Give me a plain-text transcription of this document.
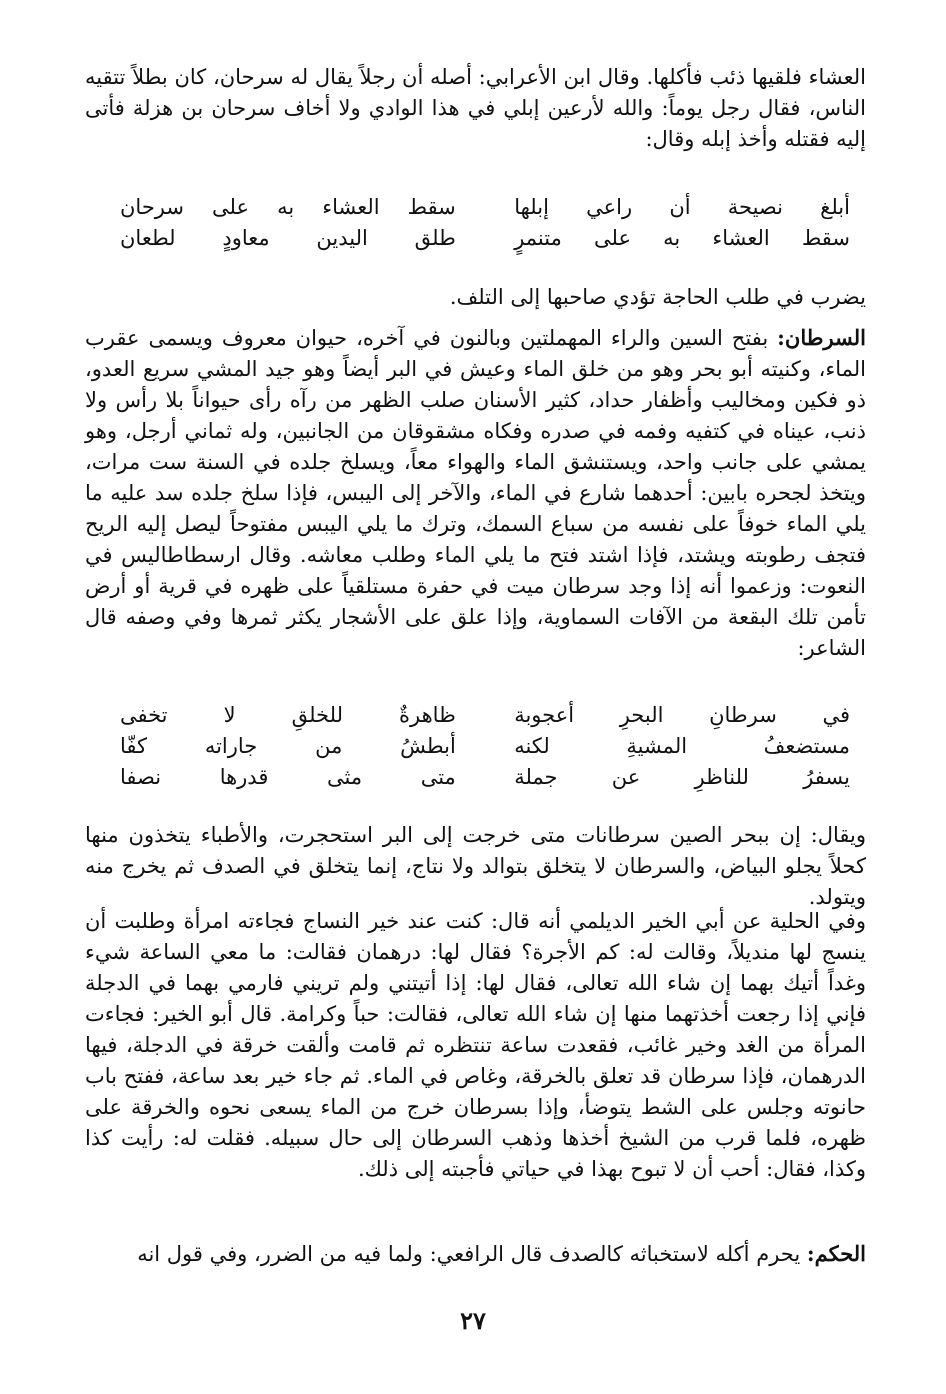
العشاء فلقيها ذئب فأكلها. وقال ابن الأعرابي: أصله أن رجلاً يقال له سرحان، كان بطلاً تتقيه الناس، فقال رجل يوماً: والله لأرعين إبلي في هذا الوادي ولا أخاف سرحان بن هزلة فأتى إليه فقتله وأخذ إبله وقال:
أبلغ نصيحة أن راعي إبلها
سقط العشاء به على سرحان
سقط العشاء به على متنمرٍ
طلق اليدين معاودٍ لطعان
يضرب في طلب الحاجة تؤدي صاحبها إلى التلف.
السرطان: بفتح السين والراء المهملتين وبالنون في آخره، حيوان معروف ويسمى عقرب الماء، وكنيته أبو بحر وهو من خلق الماء وعيش في البر أيضاً وهو جيد المشي سريع العدو، ذو فكين ومخاليب وأظفار حداد، كثير الأسنان صلب الظهر من رآه رأى حيواناً بلا رأس ولا ذنب، عيناه في كتفيه وفمه في صدره وفكاه مشقوقان من الجانبين، وله ثماني أرجل، وهو يمشي على جانب واحد، ويستنشق الماء والهواء معاً، ويسلخ جلده في السنة ست مرات، ويتخذ لجحره بابين: أحدهما شارع في الماء، والآخر إلى اليبس، فإذا سلخ جلده سد عليه ما يلي الماء خوفاً على نفسه من سباع السمك، وترك ما يلي اليبس مفتوحاً ليصل إليه الريح فتجف رطوبته ويشتد، فإذا اشتد فتح ما يلي الماء وطلب معاشه. وقال ارسطاطاليس في النعوت: وزعموا أنه إذا وجد سرطان ميت في حفرة مستلقياً على ظهره في قرية أو أرض تأمن تلك البقعة من الآفات السماوية، وإذا علق على الأشجار يكثر ثمرها وفي وصفه قال الشاعر:
في سرطانِ البحرِ أعجوبة
ظاهرةٌ للخلقِ لا تخفى
مستضعفُ المشيةِ لكنه
أبطشُ من جاراته كفّا
يسفرُ للناظرِ عن جملة
متى مثى قدرها نصفا
ويقال: إن ببحر الصين سرطانات متى خرجت إلى البر استحجرت، والأطباء يتخذون منها كحلاً يجلو البياض، والسرطان لا يتخلق بتوالد ولا نتاج، إنما يتخلق في الصدف ثم يخرج منه ويتولد.
وفي الحلية عن أبي الخير الديلمي أنه قال: كنت عند خير النساج فجاءته امرأة وطلبت أن ينسج لها منديلاً، وقالت له: كم الأجرة؟ فقال لها: درهمان فقالت: ما معي الساعة شيء وغداً أتيك بهما إن شاء الله تعالى، فقال لها: إذا أتيتني ولم تريني فارمي بهما في الدجلة فإني إذا رجعت أخذتهما منها إن شاء الله تعالى، فقالت: حباً وكرامة. قال أبو الخير: فجاءت المرأة من الغد وخير غائب، فقعدت ساعة تنتظره ثم قامت وألقت خرقة في الدجلة، فيها الدرهمان، فإذا سرطان قد تعلق بالخرقة، وغاص في الماء. ثم جاء خير بعد ساعة، ففتح باب حانوته وجلس على الشط يتوضأ، وإذا بسرطان خرج من الماء يسعى نحوه والخرقة على ظهره، فلما قرب من الشيخ أخذها وذهب السرطان إلى حال سبيله. فقلت له: رأيت كذا وكذا، فقال: أحب أن لا تبوح بهذا في حياتي فأجبته إلى ذلك.
الحكم: يحرم أكله لاستخباثه كالصدف قال الرافعي: ولما فيه من الضرر، وفي قول انه
٢٧
